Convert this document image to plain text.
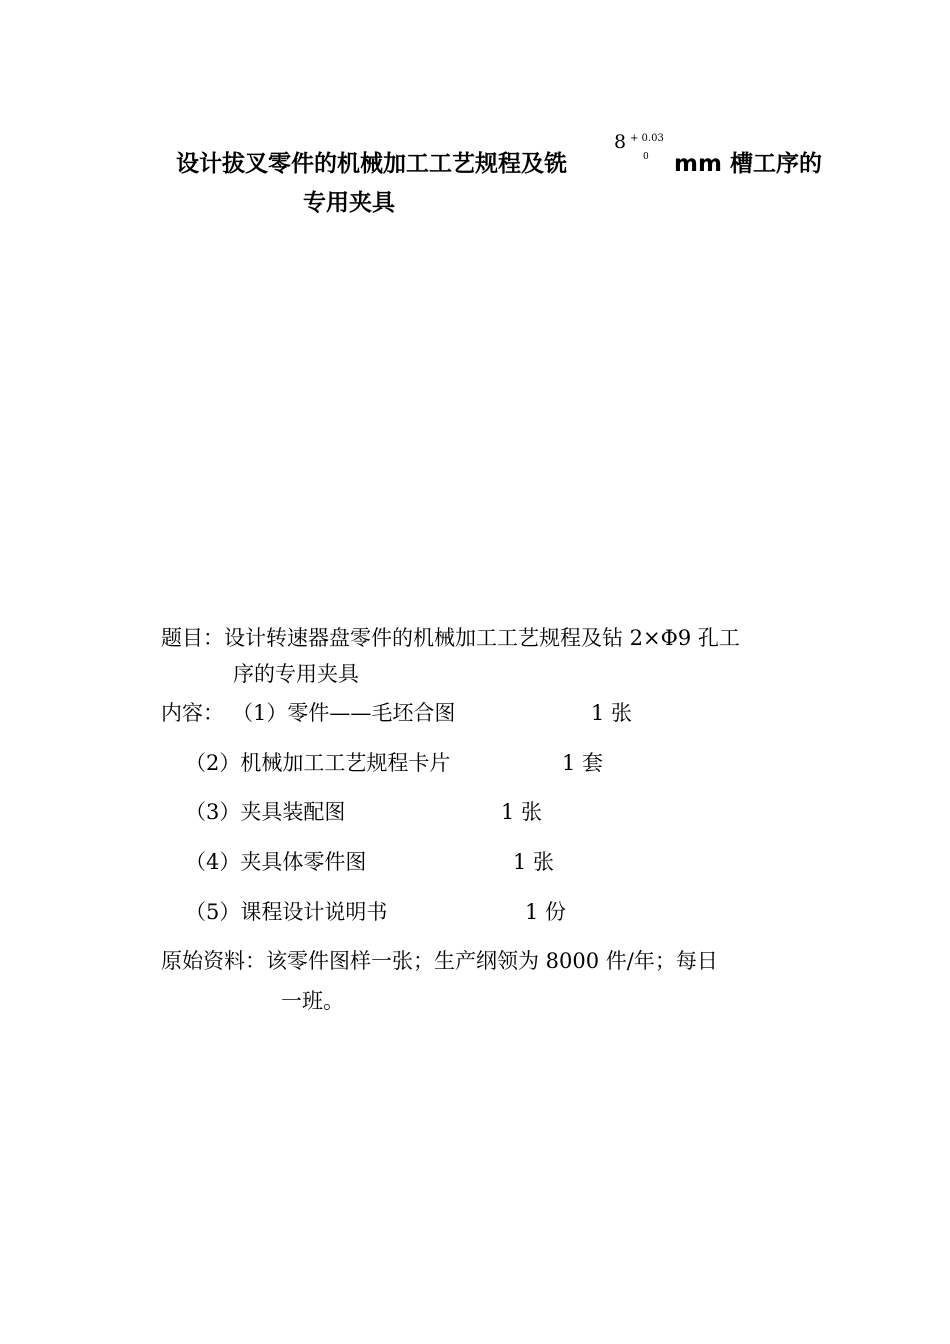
设计拔叉零件的机械加工工艺规程及铣
8 + 0.03
0 mm 槽工序的
专用夹具
题目：设计转速器盘零件的机械加工工艺规程及钻 2×Φ9 孔工
序的专用夹具
内容： （1）零件——毛坯合图	1 张
（2）机械加工工艺规程卡片	1 套
（3）夹具装配图	1 张
（4）夹具体零件图	1 张
（5）课程设计说明书	1 份
原始资料：该零件图样一张；生产纲领为 8000 件/年；每日
一班。
